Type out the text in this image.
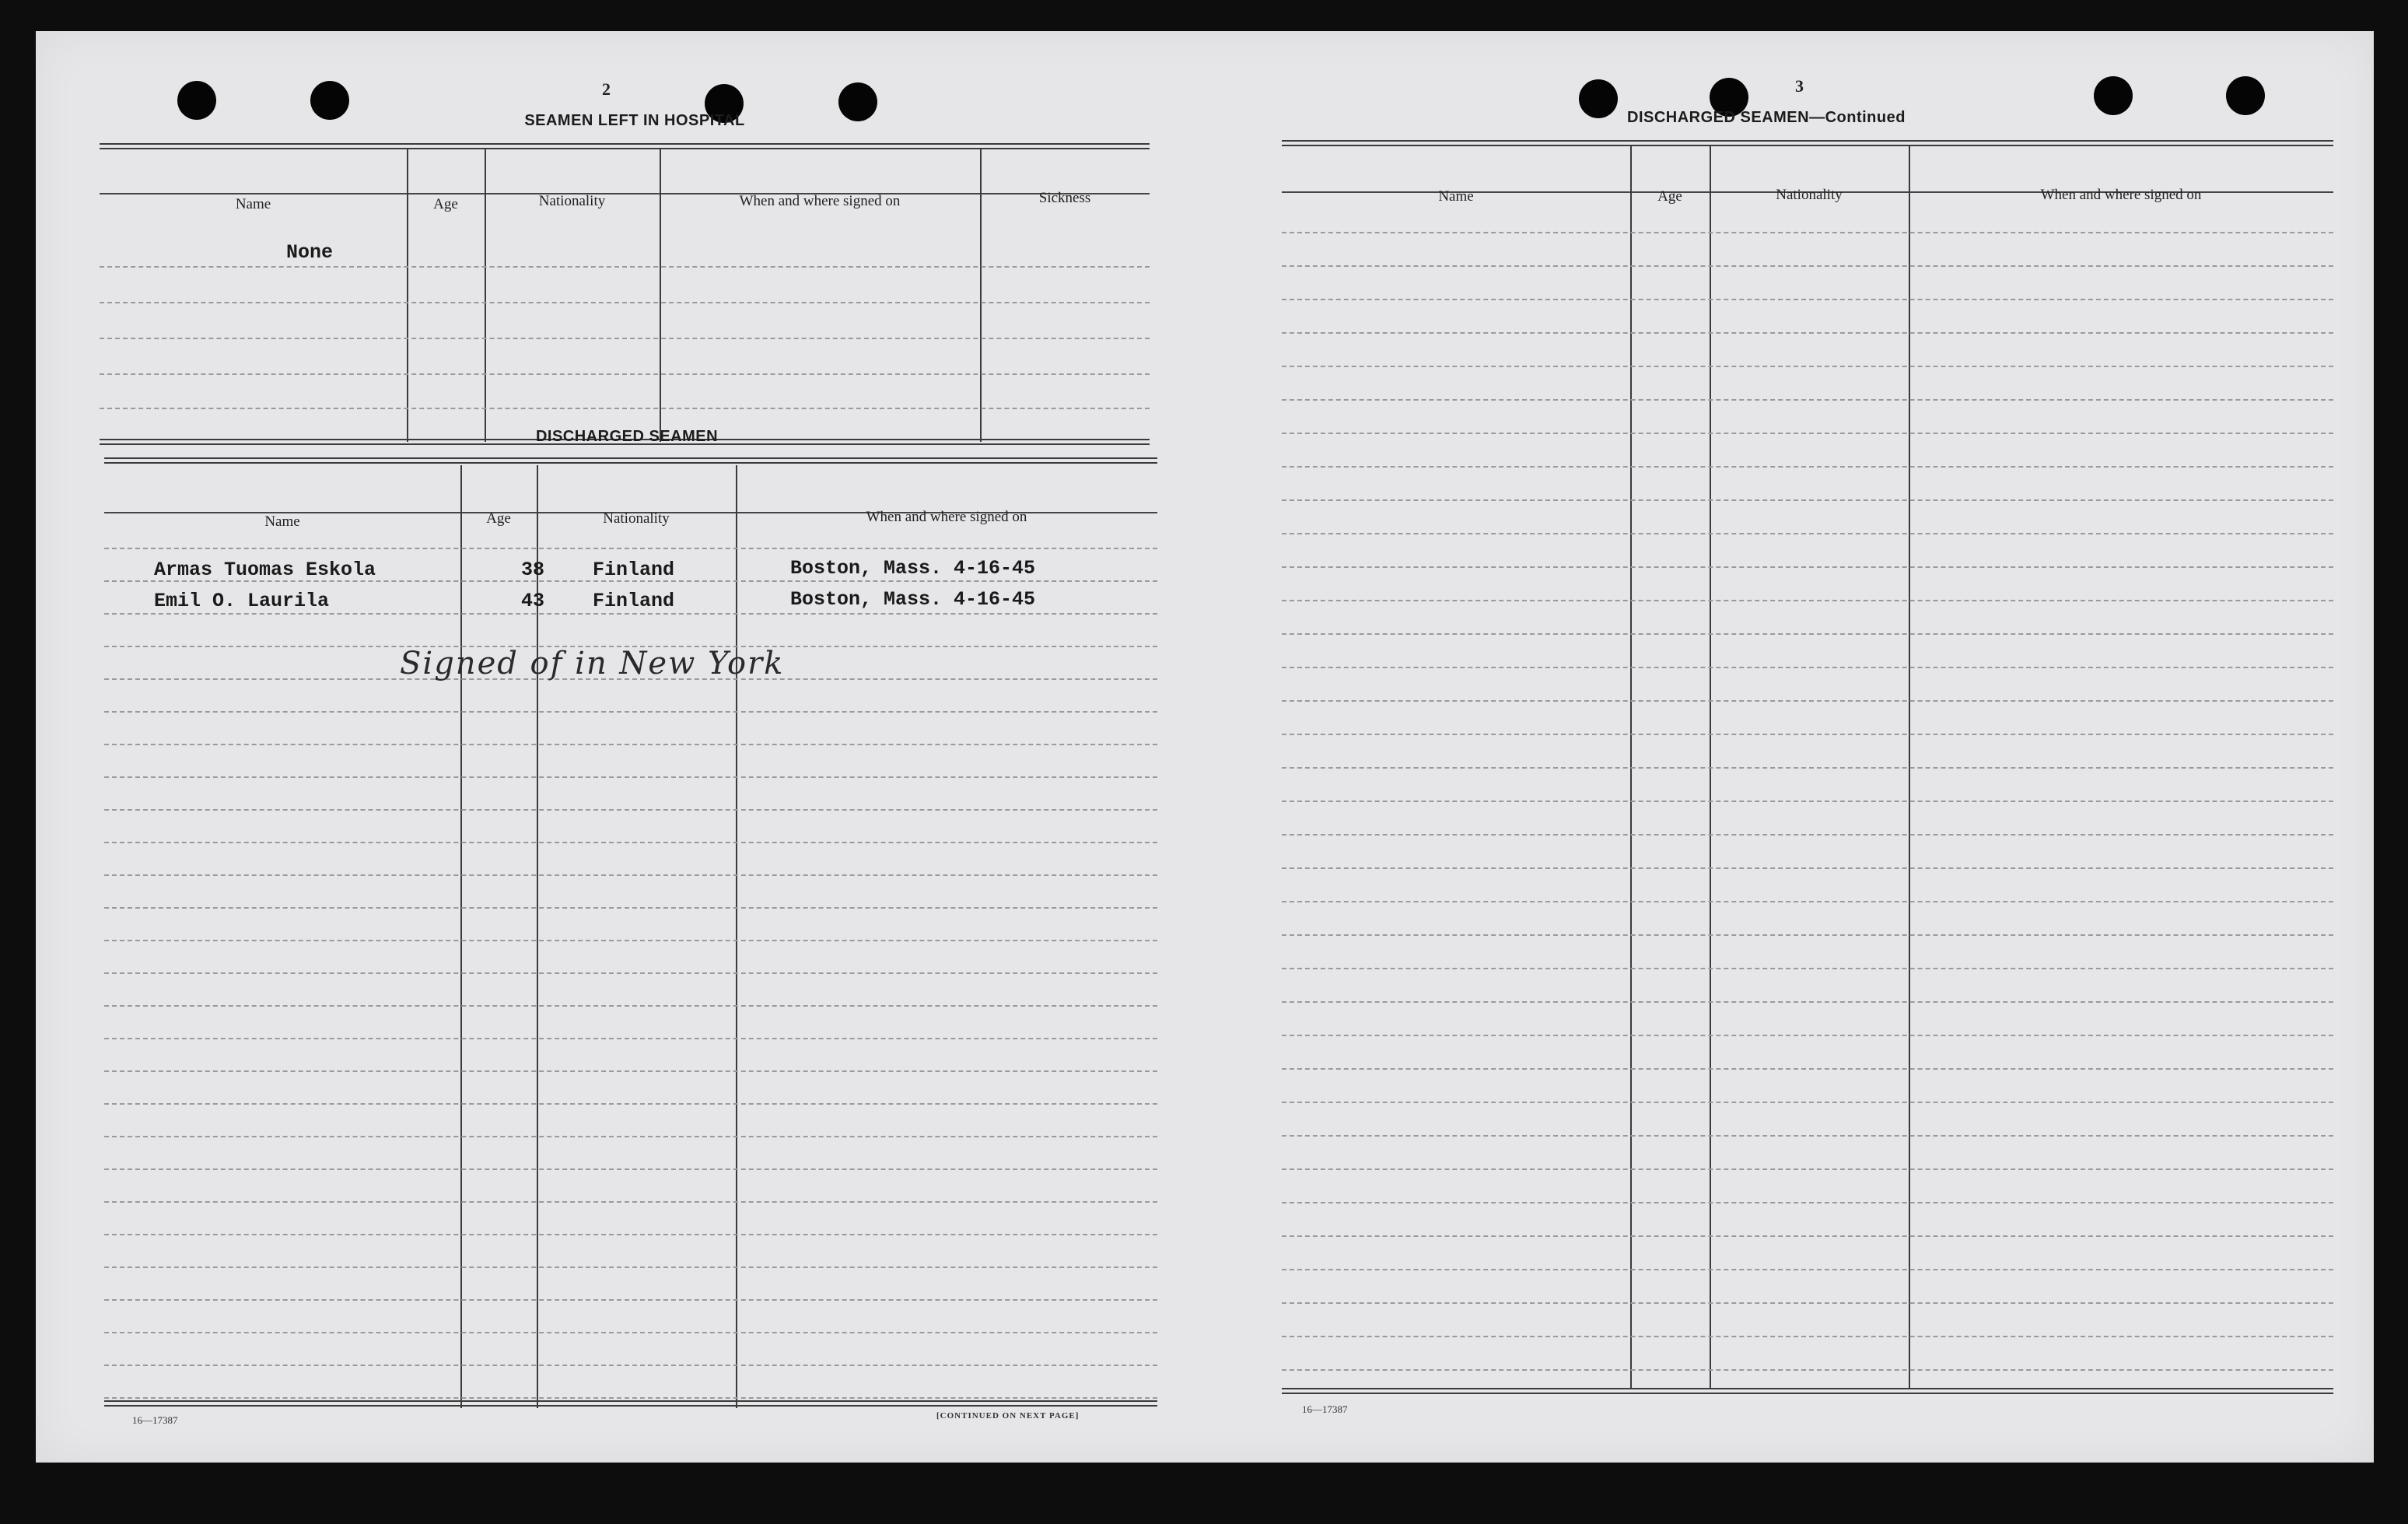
2
SEAMEN LEFT IN HOSPITAL
Name	Age	Nationality	When and where signed on	Sickness
None
DISCHARGED SEAMEN
Name	Age	Nationality	When and where signed on
Armas Tuomas Eskola	38 Finland	Boston, Mass. 4-16-45
Emil O. Laurila	43 Finland	Boston, Mass. 4-16-45
Signed of in New York
16—17387	[CONTINUED ON NEXT PAGE]
3
DISCHARGED SEAMEN—Continued
Name	Age	Nationality	When and where signed on
16—17387
